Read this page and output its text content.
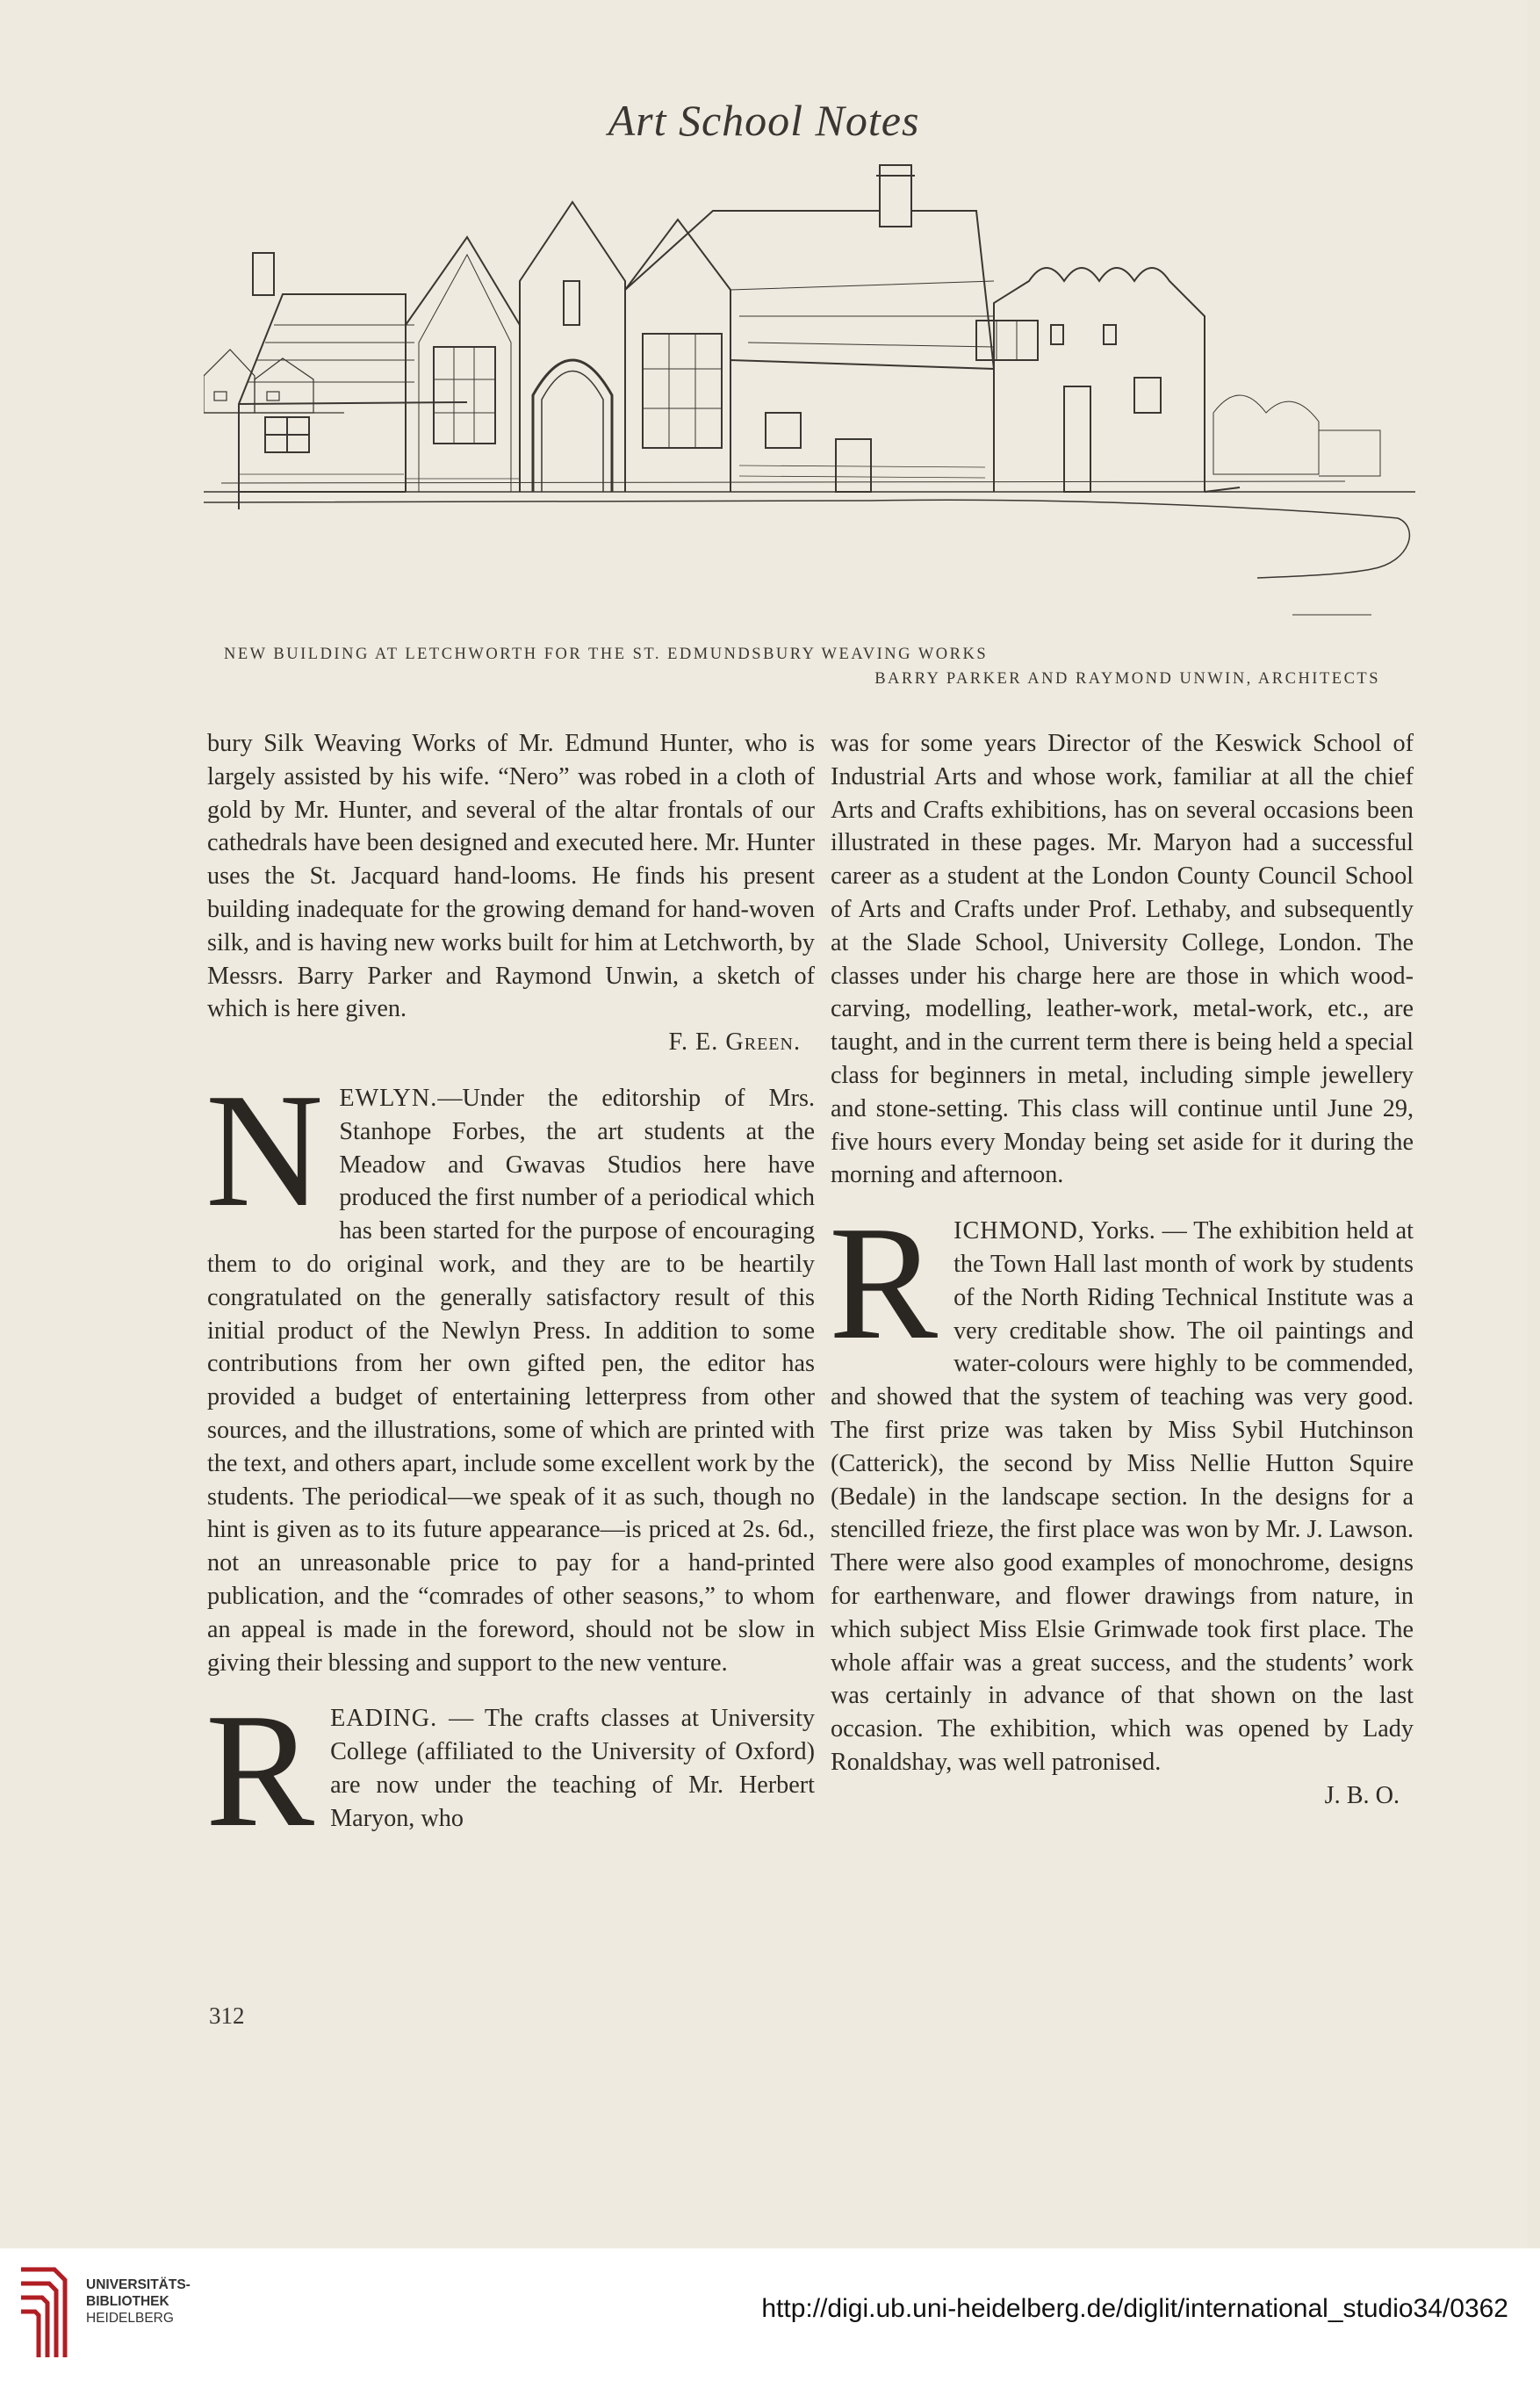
Art School Notes
NEW BUILDING AT LETCHWORTH FOR THE ST. EDMUNDSBURY WEAVING WORKS
BARRY PARKER AND RAYMOND UNWIN, ARCHITECTS

bury Silk Weaving Works of Mr. Edmund Hunter, who is largely assisted by his wife. “Nero” was robed in a cloth of gold by Mr. Hunter, and several of the altar frontals of our cathedrals have been designed and executed here. Mr. Hunter uses the St. Jacquard hand-looms. He finds his present building inadequate for the growing demand for hand-woven silk, and is having new works built for him at Letchworth, by Messrs. Barry Parker and Raymond Unwin, a sketch of which is here given.

F. E. Green.

N EWLYN.—Under the editorship of Mrs. Stanhope Forbes, the art students at the Meadow and Gwavas Studios here have produced the first number of a periodical which has been started for the purpose of encouraging them to do original work, and they are to be heartily congratulated on the generally satisfactory result of this initial product of the Newlyn Press. In addition to some contributions from her own gifted pen, the editor has provided a budget of entertaining letterpress from other sources, and the illustrations, some of which are printed with the text, and others apart, include some excellent work by the students. The periodical—we speak of it as such, though no hint is given as to its future appearance—is priced at 2s. 6d., not an unreasonable price to pay for a hand-printed publication, and the “comrades of other seasons,” to whom an appeal is made in the foreword, should not be slow in giving their blessing and support to the new venture.

R EADING. — The crafts classes at University College (affiliated to the University of Oxford) are now under the teaching of Mr. Herbert Maryon, who

was for some years Director of the Keswick School of Industrial Arts and whose work, familiar at all the chief Arts and Crafts exhibitions, has on several occasions been illustrated in these pages. Mr. Maryon had a successful career as a student at the London County Council School of Arts and Crafts under Prof. Lethaby, and subsequently at the Slade School, University College, London. The classes under his charge here are those in which wood-carving, modelling, leather-work, metal-work, etc., are taught, and in the current term there is being held a special class for beginners in metal, including simple jewellery and stone-setting. This class will continue until June 29, five hours every Monday being set aside for it during the morning and afternoon.

R ICHMOND, Yorks. — The exhibition held at the Town Hall last month of work by students of the North Riding Technical Institute was a very creditable show. The oil paintings and water-colours were highly to be commended, and showed that the system of teaching was very good. The first prize was taken by Miss Sybil Hutchinson (Catterick), the second by Miss Nellie Hutton Squire (Bedale) in the landscape section. In the designs for a stencilled frieze, the first place was won by Mr. J. Lawson. There were also good examples of monochrome, designs for earthenware, and flower drawings from nature, in which subject Miss Elsie Grimwade took first place. The whole affair was a great success, and the students’ work was certainly in advance of that shown on the last occasion. The exhibition, which was opened by Lady Ronaldshay, was well patronised.

J. B. O.

312
UNIVERSITÄTS-
BIBLIOTHEK
HEIDELBERG	http://digi.ub.uni-heidelberg.de/diglit/international_studio34/0362
